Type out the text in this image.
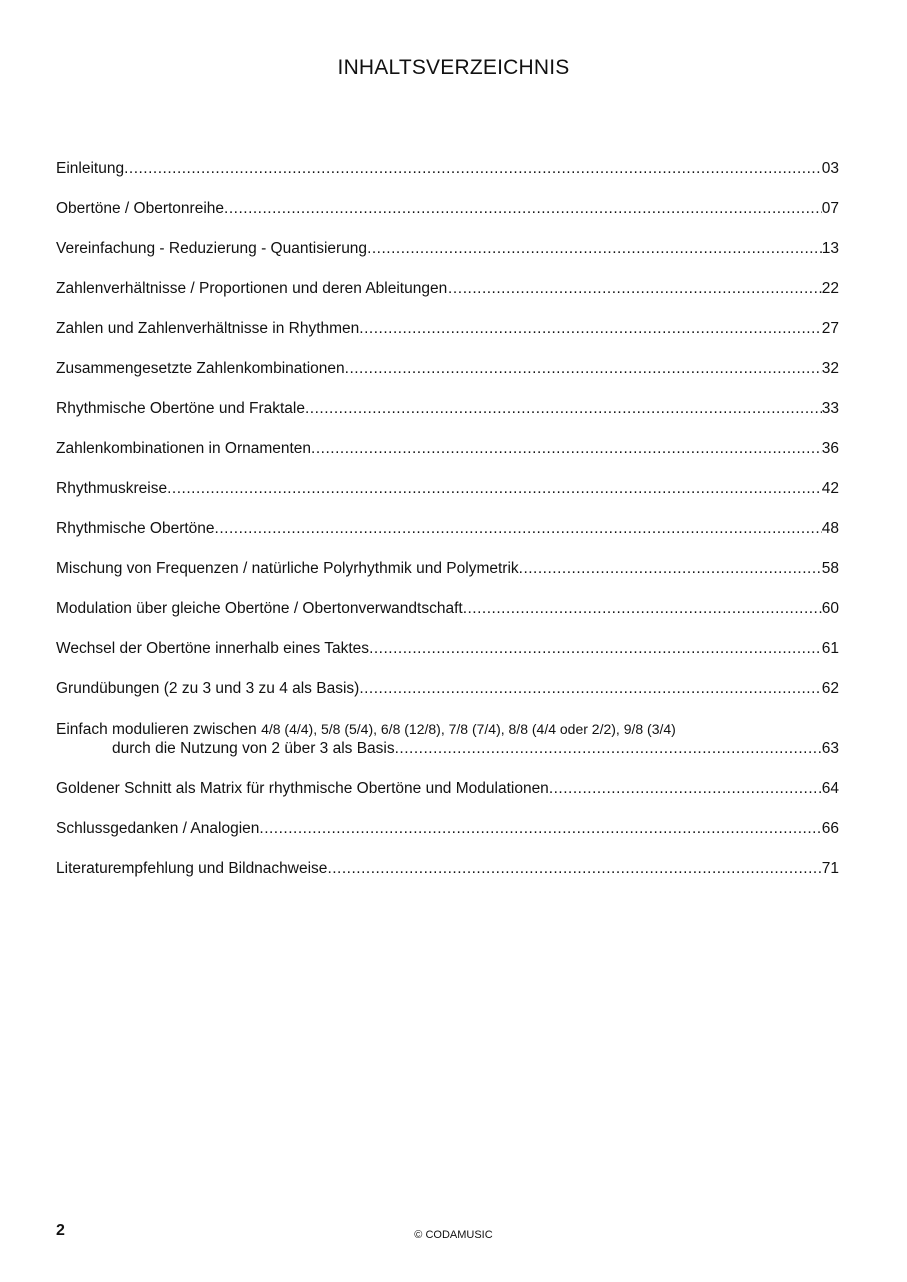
INHALTSVERZEICHNIS
Einleitung .....	03
Obertöne / Obertonreihe .....	07
Vereinfachung - Reduzierung - Quantisierung .....	13
Zahlenverhältnisse / Proportionen und deren Ableitungen… .....	22
Zahlen und Zahlenverhältnisse in Rhythmen .....	27
Zusammengesetzte Zahlenkombinationen .....	32
Rhythmische Obertöne und Fraktale .....	33
Zahlenkombinationen in Ornamenten .....	36
Rhythmuskreise .....	42
Rhythmische Obertöne .....	48
Mischung von Frequenzen / natürliche Polyrhythmik und Polymetrik .....	58
Modulation über gleiche Obertöne / Obertonverwandtschaft .....	60
Wechsel der Obertöne innerhalb eines Taktes .....	61
Grundübungen (2 zu 3 und 3 zu 4 als Basis) .....	62
Einfach modulieren zwischen 4/8 (4/4), 5/8 (5/4), 6/8 (12/8), 7/8 (7/4), 8/8 (4/4 oder 2/2), 9/8 (3/4)
durch die Nutzung von 2 über 3 als Basis .....	63
Goldener Schnitt als Matrix für rhythmische Obertöne und Modulationen .....	64
Schlussgedanken / Analogien .....	66
Literaturempfehlung und Bildnachweise .....	71
2	© CODAMUSIC
